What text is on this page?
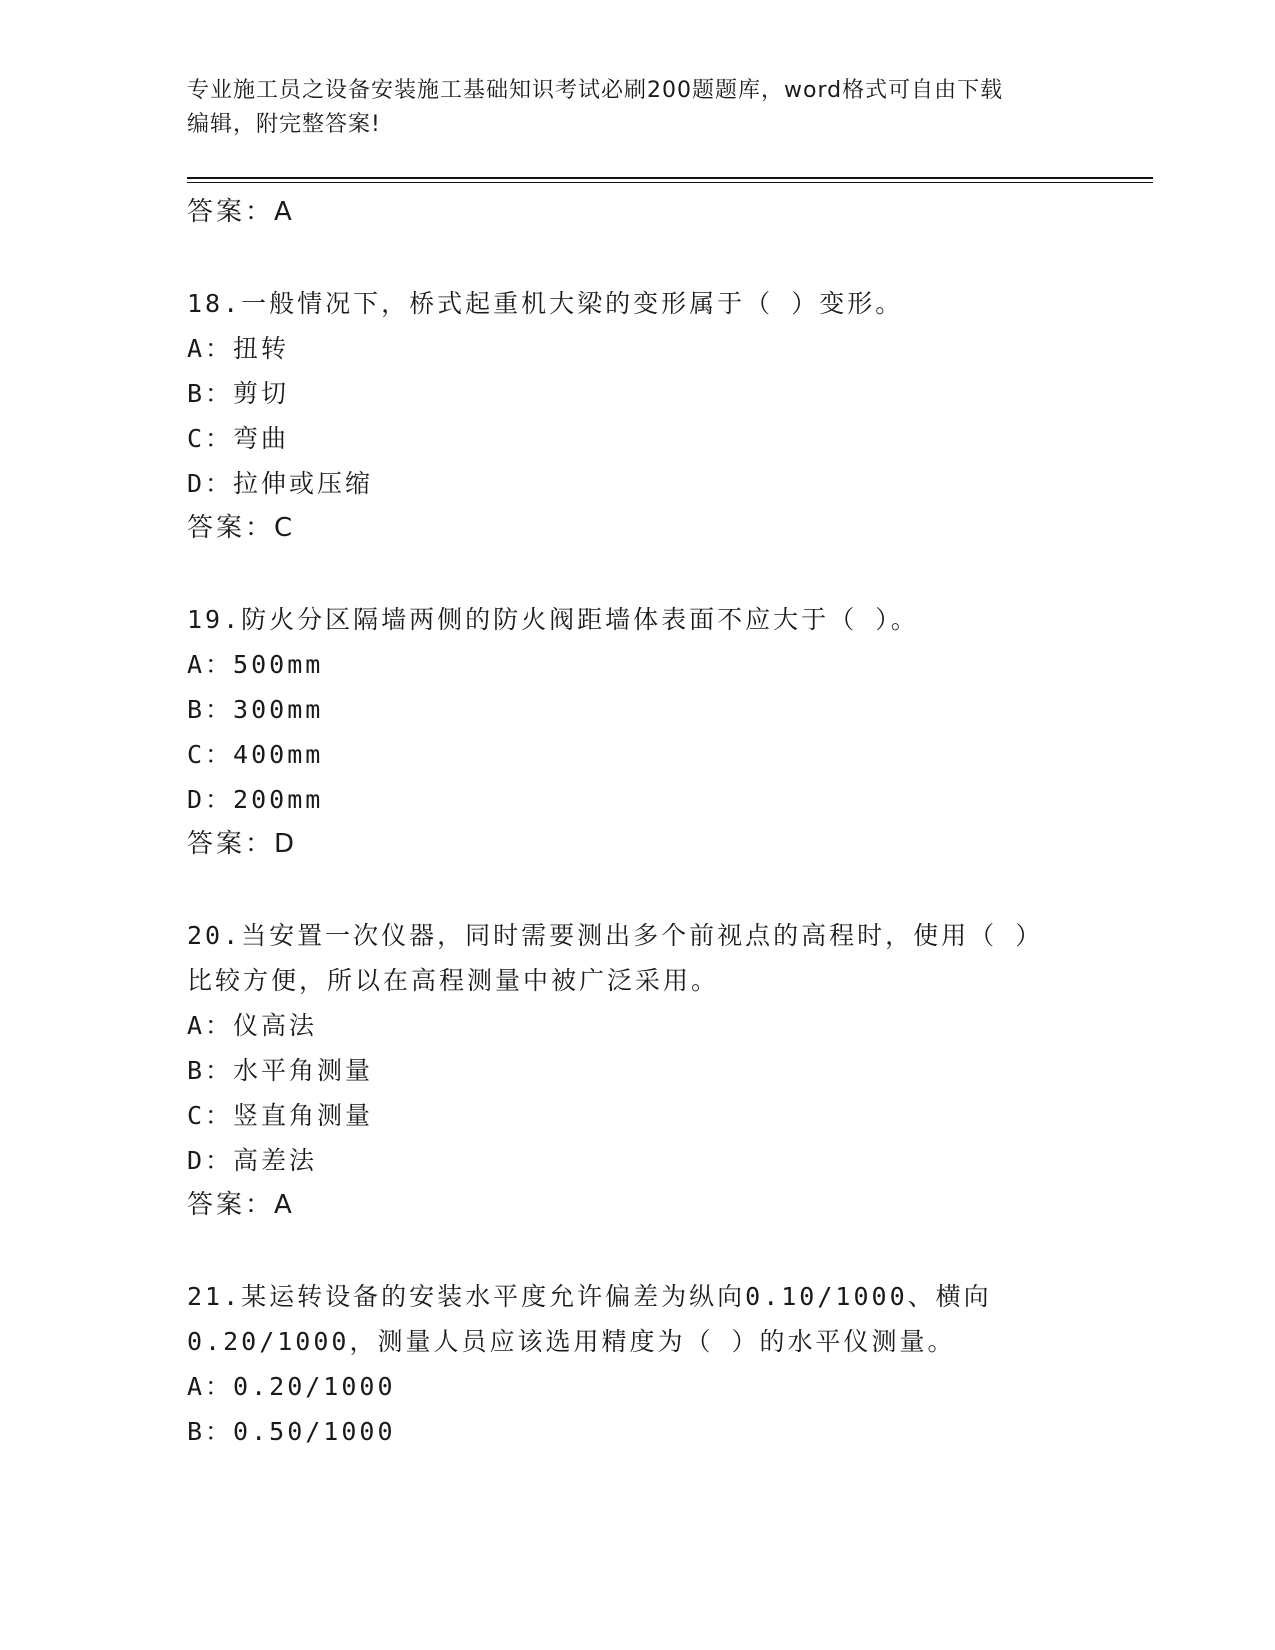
专业施工员之设备安装施工基础知识考试必刷200题题库，word格式可自由下载
编辑，附完整答案!
答案：A
18.一般情况下，桥式起重机大梁的变形属于（ ）变形。
A：扭转
B：剪切
C：弯曲
D：拉伸或压缩
答案：C
19.防火分区隔墙两侧的防火阀距墙体表面不应大于（ ）。
A：500mm
B：300mm
C：400mm
D：200mm
答案：D
20.当安置一次仪器，同时需要测出多个前视点的高程时，使用（ ）
比较方便，所以在高程测量中被广泛采用。
A：仪高法
B：水平角测量
C：竖直角测量
D：高差法
答案：A
21.某运转设备的安装水平度允许偏差为纵向0.10/1000、横向
0.20/1000，测量人员应该选用精度为（ ）的水平仪测量。
A：0.20/1000
B：0.50/1000
